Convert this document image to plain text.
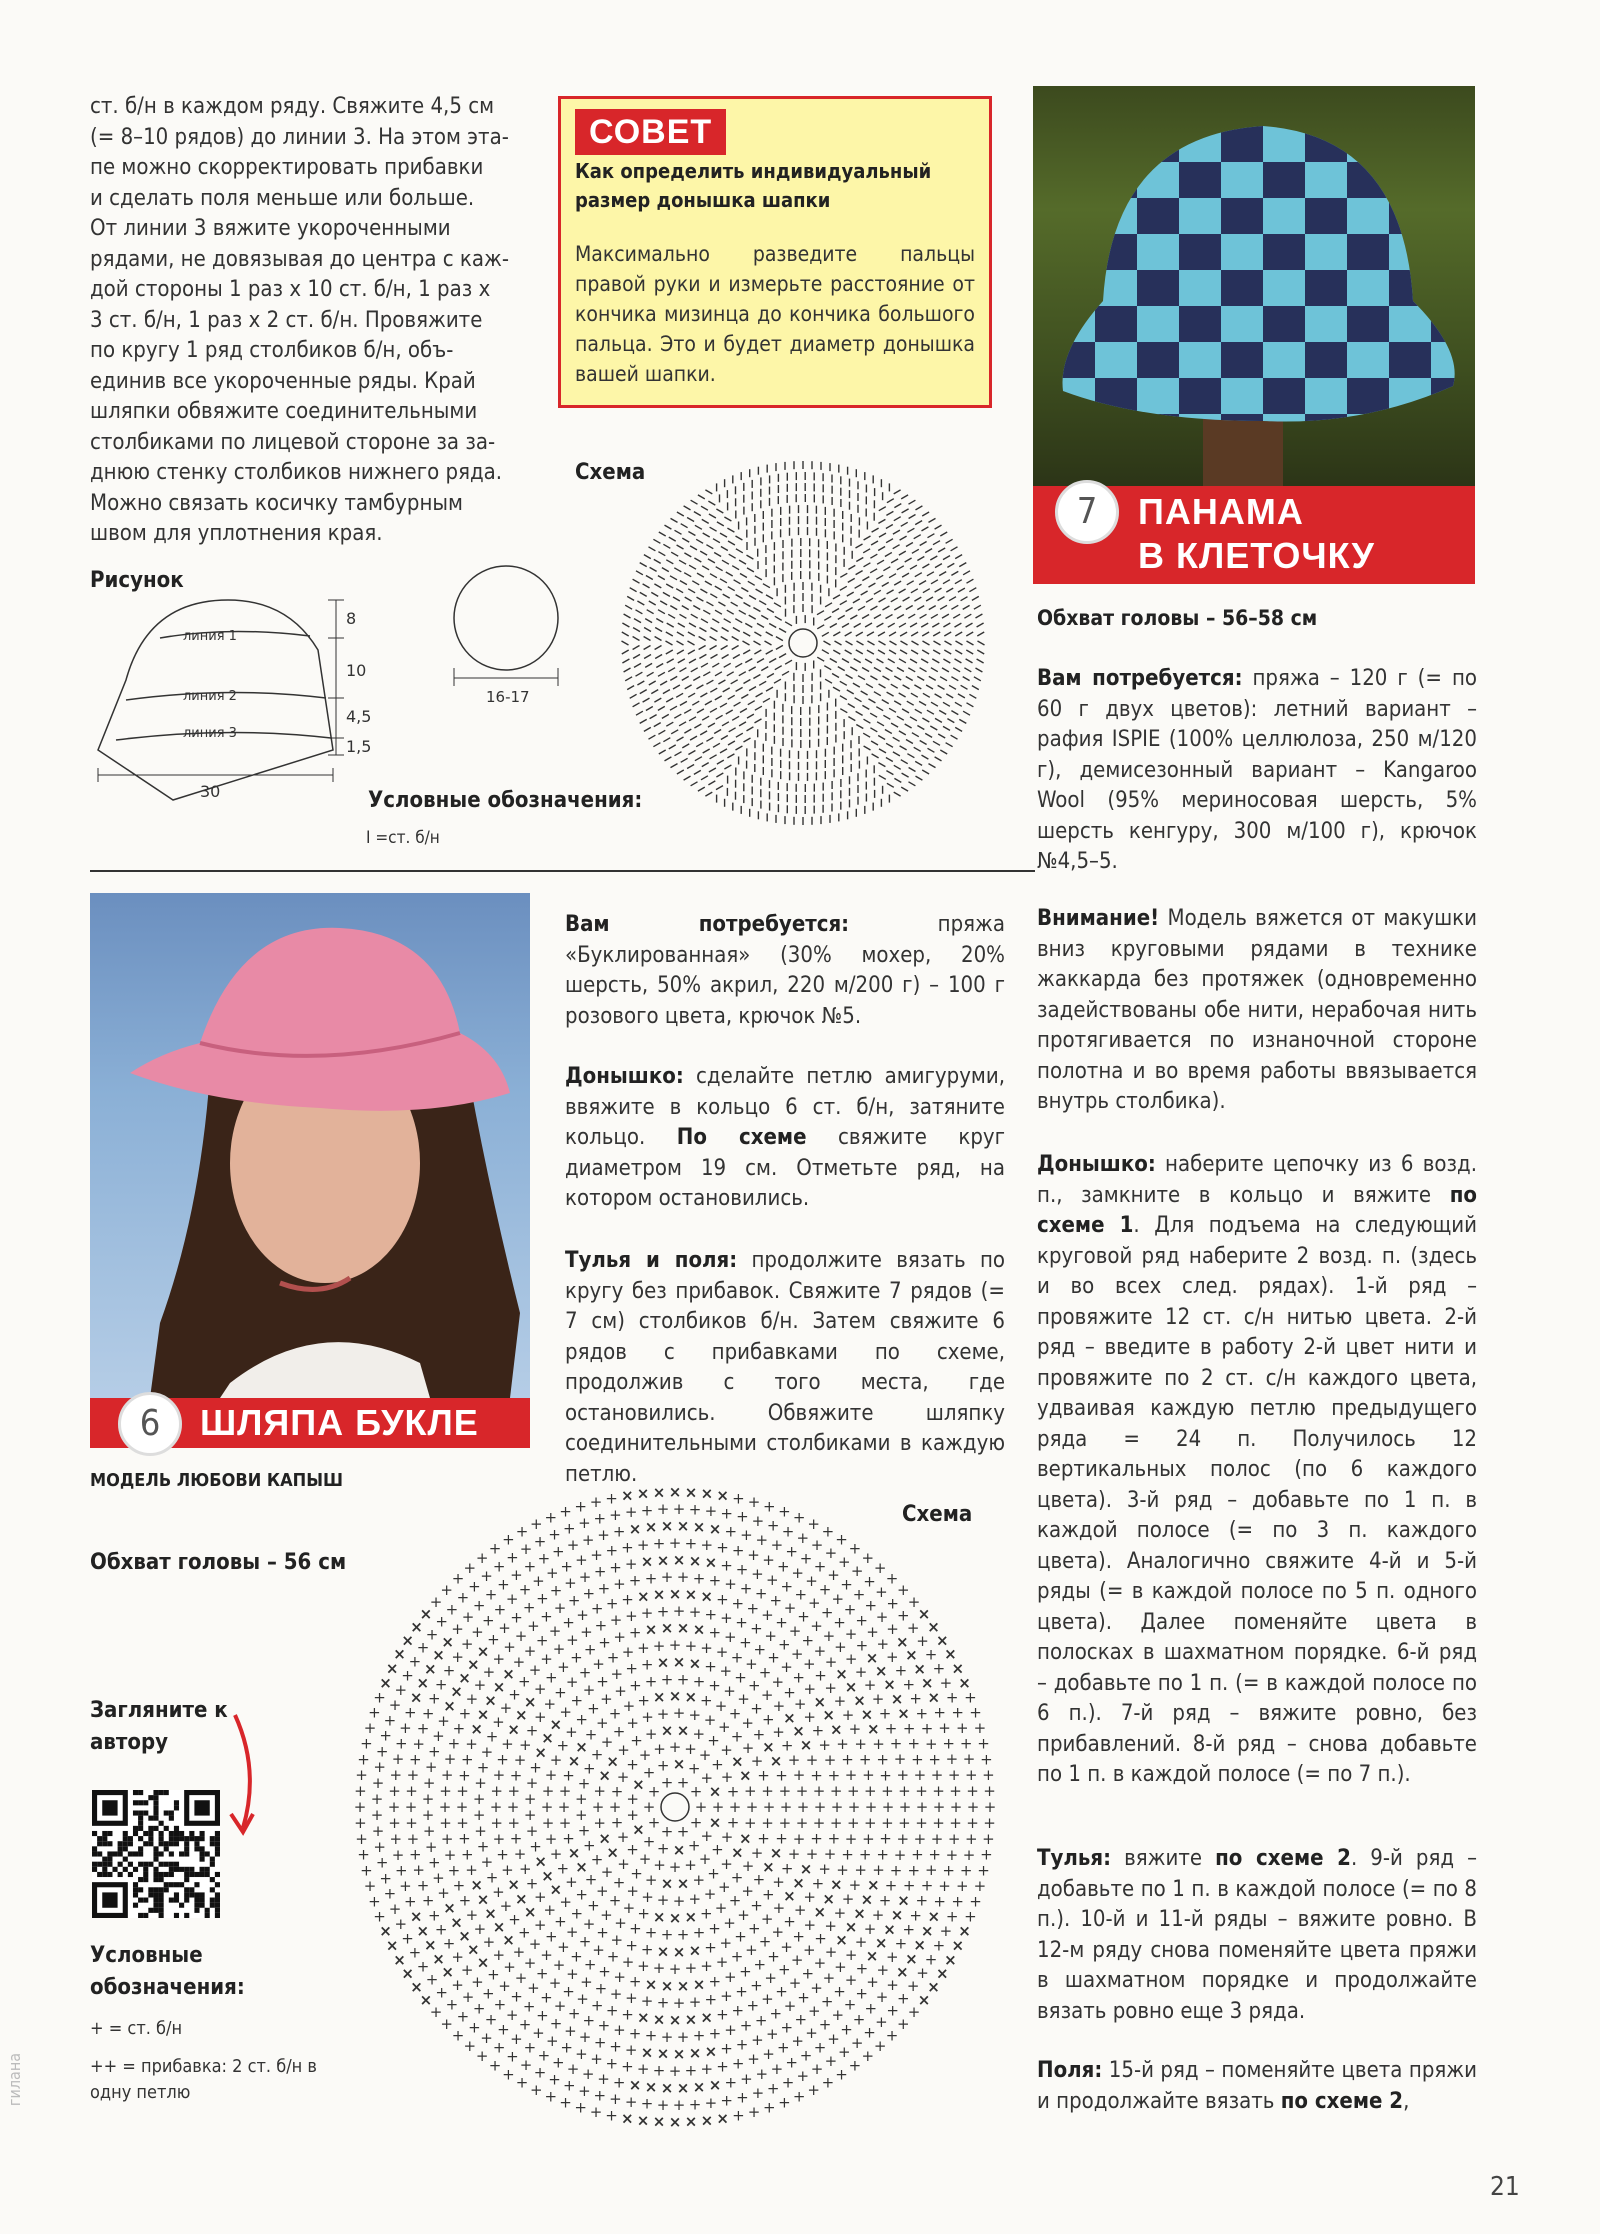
ст. б/н в каждом ряду. Свяжите 4,5 см
(= 8–10 рядов) до линии 3. На этом эта-
пе можно скорректировать прибавки
и сделать поля меньше или больше.
От линии 3 вяжите укороченными
рядами, не довязывая до центра с каж-
дой стороны 1 раз x 10 ст. б/н, 1 раз x
3 ст. б/н, 1 раз x 2 ст. б/н. Провяжите
по кругу 1 ряд столбиков б/н, объ-
единив все укороченные ряды. Край
шляпки обвяжите соединительными
столбиками по лицевой стороне за за-
днюю стенку столбиков нижнего ряда.
Можно связать косичку тамбурным
швом для уплотнения края.
Рисунок
линия 1
линия 2
линия 3
8
10
4,5
1,5
30
16-17
СОВЕТ
Как определить индивидуальный размер донышка шапки
Максимально разведите пальцы правой руки и измерьте расстояние от кончика мизинца до кончика большого пальца. Это и будет диаметр донышка вашей шапки.
Схема
Условные обозначения:
I =ст. б/н
ПАНАМА
В КЛЕТОЧКУ
7
Обхват головы – 56–58 см
Вам потребуется: пряжа – 120 г (= по 60 г двух цветов): летний вариант – рафия ISPIE (100% целлюлоза, 250 м/120 г), демисезонный вариант – Kangaroo Wool (95% мериносовая шерсть, 5% шерсть кенгуру, 300 м/100 г), крючок №4,5–5.
Внимание! Модель вяжется от макушки вниз круговыми рядами в технике жаккарда без протяжек (одновременно задействованы обе нити, нерабочая нить протягивается по изнаночной стороне полотна и во время работы ввязывается внутрь столбика).
Донышко: наберите цепочку из 6 возд. п., замкните в кольцо и вяжите по схеме 1. Для подъема на следующий круговой ряд наберите 2 возд. п. (здесь и во всех след. рядах). 1-й ряд – провяжите 12 ст. с/н нитью цвета. 2-й ряд – введите в работу 2-й цвет нити и провяжите по 2 ст. с/н каждого цвета, удваивая каждую петлю предыдущего ряда = 24 п. Получилось 12 вертикальных полос (по 6 каждого цвета). 3-й ряд – добавьте по 1 п. в каждой полосе (= по 3 п. каждого цвета). Аналогично свяжите 4-й и 5-й ряды (= в каждой полосе по 5 п. одного цвета). Далее поменяйте цвета в полосках в шахматном порядке. 6-й ряд – добавьте по 1 п. (= в каждой полосе по 6 п.). 7-й ряд – вяжите ровно, без прибавлений. 8-й ряд – снова добавьте по 1 п. в каждой полосе (= по 7 п.).
Тулья: вяжите по схеме 2. 9-й ряд – добавьте по 1 п. в каждой полосе (= по 8 п.). 10-й и 11-й ряды – вяжите ровно. В 12-м ряду снова поменяйте цвета пряжи в шахматном порядке и продолжайте вязать ровно еще 3 ряда.
Поля: 15-й ряд – поменяйте цвета пряжи и продолжайте вязать по схеме 2,
ШЛЯПА БУКЛЕ
6
МОДЕЛЬ ЛЮБОВИ КАПЫШ
Обхват головы – 56 см
Вам потребуется:	пряжа «Буклированная» (30% мохер, 20% шерсть, 50% акрил, 220 м/200 г) – 100 г розового цвета, крючок №5.
Донышко: сделайте петлю амигуруми, ввяжите в кольцо 6 ст. б/н, затяните кольцо. По схеме свяжите круг диаметром 19 см. Отметьте ряд, на котором остановились.
Тулья и поля: продолжите вязать по кругу без прибавок. Свяжите 7 рядов (= 7 см) столбиков б/н. Затем свяжите 6 рядов с прибавками по схеме, продолжив с того места, где остановились. Обвяжите шляпку соединительными столбиками в каждую петлю.
Схема
+
+
+
+
+
+
+
+ +
+
+
×
+
+
×
+
+
×
+
+
×
+ + × +
+
×
+
+
+
+
+
+
+
+
+
+
+
+
+
+
+
+
+ + + + +
+
+
+
+
+
×
×
+
+
+
×
×
+
+
+
×
×
+
+
+
×
×
+
+ + × × + +
+
×
×
+
+
+
+
+
+
+
+
+
+
+
+
+
+
+
+
+
+
+
+
+
+
+
+
+
+ + + + + + + +
+
+
+
+
+
+
+
+
×
×
+
+
+
+
+
×
×
×
+
+
+
+
+
×
×
+
+
+
+
+
×
×
+
+
+ + + × × × + + +
+
+
×
×
+
+
+
+
+
+
+
+
+
+
+
+
+
+
+
+
+
+
+
+
+
+
+
+
+
+
+
+
+
+
+
+
+
+
+
+ + + + + + + + + +
+
+
+
+
+
+
+
+
+
+
+
×
×
×
+
+
+
+
+
+
×
×
×
+
+
+
+
+
+
+
×
×
×
+
+
+
+
+
+
×
×
×
+
+
+ + + + + × × × + + + +
+
+
×
×
×
+
+
+
+
+
+
+
+
+
+
+
+
+
+
+
+
+
+
+
+
+
+
+
+
+
+
+
+
+
+
+
+
+
+
+
+
+
+
+
+
+
+
+
+
+
+ + + + + + + + + + + + +
+
+
+
+
+
+
+
+
+
+
+
+
+
+
×
×
×
+
+
+
+
+
+
+
+
×
×
×
×
+
+
+
+
+
+
+
+
×
×
×
+
+
+
+
+
+
+
+
+
×
×
×
+
+
+
+ + + + + × × × × + + + + +
+
+
+
×
×
×
+
+
+
+
+
+
+
+
+
+
+
+
+
+
+
+
+
+
+
+
+
+
+
+
+
+
+
+
+
+
+
+
+
+
+
+
+
+
+
+
+
+
+
+
+
+
+
+
+
+
+
+
+
+
+ + + + + + + + + + + + + + + +
+
+
+
+
+
+
+
+
+
+
+
+
+
+
+
+
×
×
×
×
×
+
+
+
+
+
+
+
+
+
×
×
×
×
×
+
+
+
+
+
+
+
+
+
×
×
×
×
×
+
+
+
+
+
+
+
+
+
×
×
×
×
×
+
+
+
+ + + + + + × × × × × + + + + + +
+
+
+
×
×
×
×
×
+
+
+
+
+
+
+
+
+
+
+
+
+
+
+
+
+
+
+
+
+
+
+
+
+
+
+
+
+
+
+
+
+
+
+
+
+
+
+
+
+
+
+
+
+
+
+
+
+
+
+
+
+
+
+
+
+
+
+
+
+
+
+
+ + + + + + + + + + + + + + + + + +
+
+
+
+
+
+
+
+
+
+
+
+
+
+
+
+
+
+
+
×
×
×
×
×
+
+
+
+
+
+
+
+
+
+
+
×
×
×
×
×
+
+
+
+
+
+
+
+
+
+
+
×
×
×
×
×
+
+
+
+
+
+
+
+
+
+
+
+
×
×
×
×
×
+
+
+
+ + + + + + + + × × × × × + + + + + + +
+
+
+
+
×
×
×
×
×
+
+
+
+
+
+
+
+
+
+
+
+
+
+
+
+
+
+
+
+
+
+
+
+
+
+
+
+
+
+
+
+
+
+
+
+
+
+
+
+
+
+
+
+
+
+
+
+
+
+
+
+
+
+
+
+
+
+
+
+
+
+
+
+
+
+
+
+
+
+
+
+
+
+ + + + + + + + + + + + + + + + + + + + +
+
+
+
+
+
+
+
+
+
+
+
+
+
+
+
+
+
+
+
+
+
+
×
×
×
×
×
+
+
+
+
+
+
+
+
+
+
+
+
+
×
×
×
×
×
×
+
+
+
+
+
+
+
+
+
+
+
+
+
×
×
×
×
×
+
+
+
+
+
+
+
+
+
+
+
+
+
×
×
×
×
×
+
+
+
+
+
+ + + + + + + + × × × × × × + + + + + + + +
+
+
+
+
+
×
×
×
×
×
+
+
+
+
+
+
+
+
+
+
+
+
+
+
+
+
+
+
+
+
+
+
+
+
+
+
+
+
+
+
+
+
+
+
+
+
+
+
+
+
+
+
+
+
+
+
+
+
+
+
+
+
+
+
+
+
+
+
+
+
+
+
+
+
+
+
+
+
+
+
+
+
+
+
+
+
+
+
+
+
+
+
+
+ + + + + + + + + + + + + + + + + + + + + + +
+
+
+
+
+
+
+
+
+
+
+
+
+
+
+
+
+
+
+
+
+
+
+
+
+
×
×
×
×
×
×
+
+
+
+
+
+
+
+
+
+
+
+
+
+
×
×
×
×
×
×
×
+
+
+
+
+
+
+
+
+
+
+
+
+
+
×
×
×
×
×
×
+
+
+
+
+
+
+
+
+
+
+
+
+
+
+
×
×
×
×
×
×
+
+
+
+
+
+ + + + + + + + + × × × × × × × + + + + + + + + +
+
+
+
+
+
×
×
×
×
×
×
+
+
+
+
+
+
+
Загляните к автору
Условные обозначения:
+ = ст. б/н
++ = прибавка: 2 ст. б/н в одну петлю
гилана
21
